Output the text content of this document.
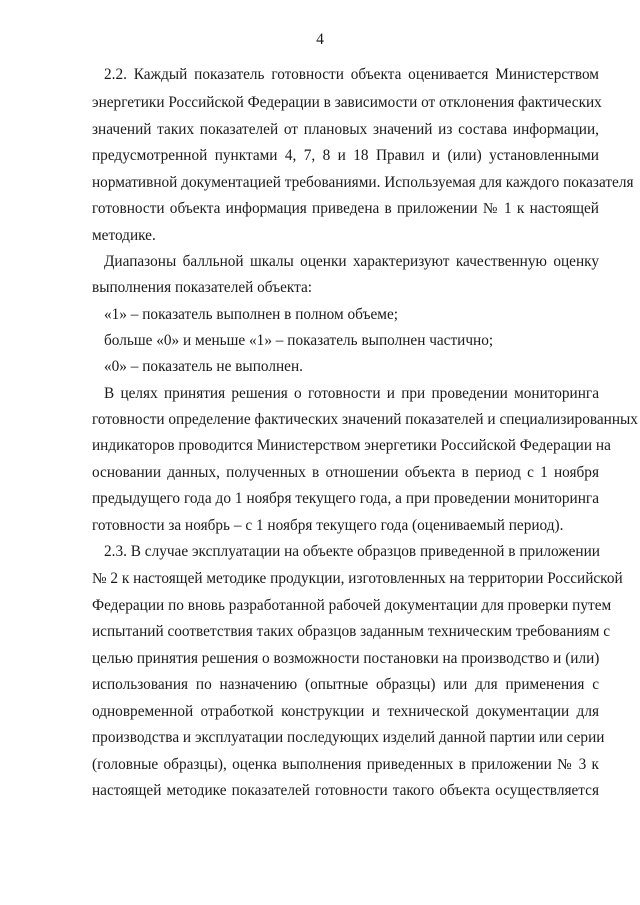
4
2.2. Каждый показатель готовности объекта оценивается Министерством
энергетики Российской Федерации в зависимости от отклонения фактических
значений таких показателей от плановых значений из состава информации,
предусмотренной пунктами 4, 7, 8 и 18 Правил и (или) установленными
нормативной документацией требованиями. Используемая для каждого показателя
готовности объекта информация приведена в приложении № 1 к настоящей
методике.
Диапазоны балльной шкалы оценки характеризуют качественную оценку
выполнения показателей объекта:
«1» – показатель выполнен в полном объеме;
больше «0» и меньше «1» – показатель выполнен частично;
«0» – показатель не выполнен.
В целях принятия решения о готовности и при проведении мониторинга
готовности определение фактических значений показателей и специализированных
индикаторов проводится Министерством энергетики Российской Федерации на
основании данных, полученных в отношении объекта в период с 1 ноября
предыдущего года до 1 ноября текущего года, а при проведении мониторинга
готовности за ноябрь – с 1 ноября текущего года (оцениваемый период).
2.3. В случае эксплуатации на объекте образцов приведенной в приложении
№ 2 к настоящей методике продукции, изготовленных на территории Российской
Федерации по вновь разработанной рабочей документации для проверки путем
испытаний соответствия таких образцов заданным техническим требованиям с
целью принятия решения о возможности постановки на производство и (или)
использования по назначению (опытные образцы) или для применения с
одновременной отработкой конструкции и технической документации для
производства и эксплуатации последующих изделий данной партии или серии
(головные образцы), оценка выполнения приведенных в приложении № 3 к
настоящей методике показателей готовности такого объекта осуществляется
